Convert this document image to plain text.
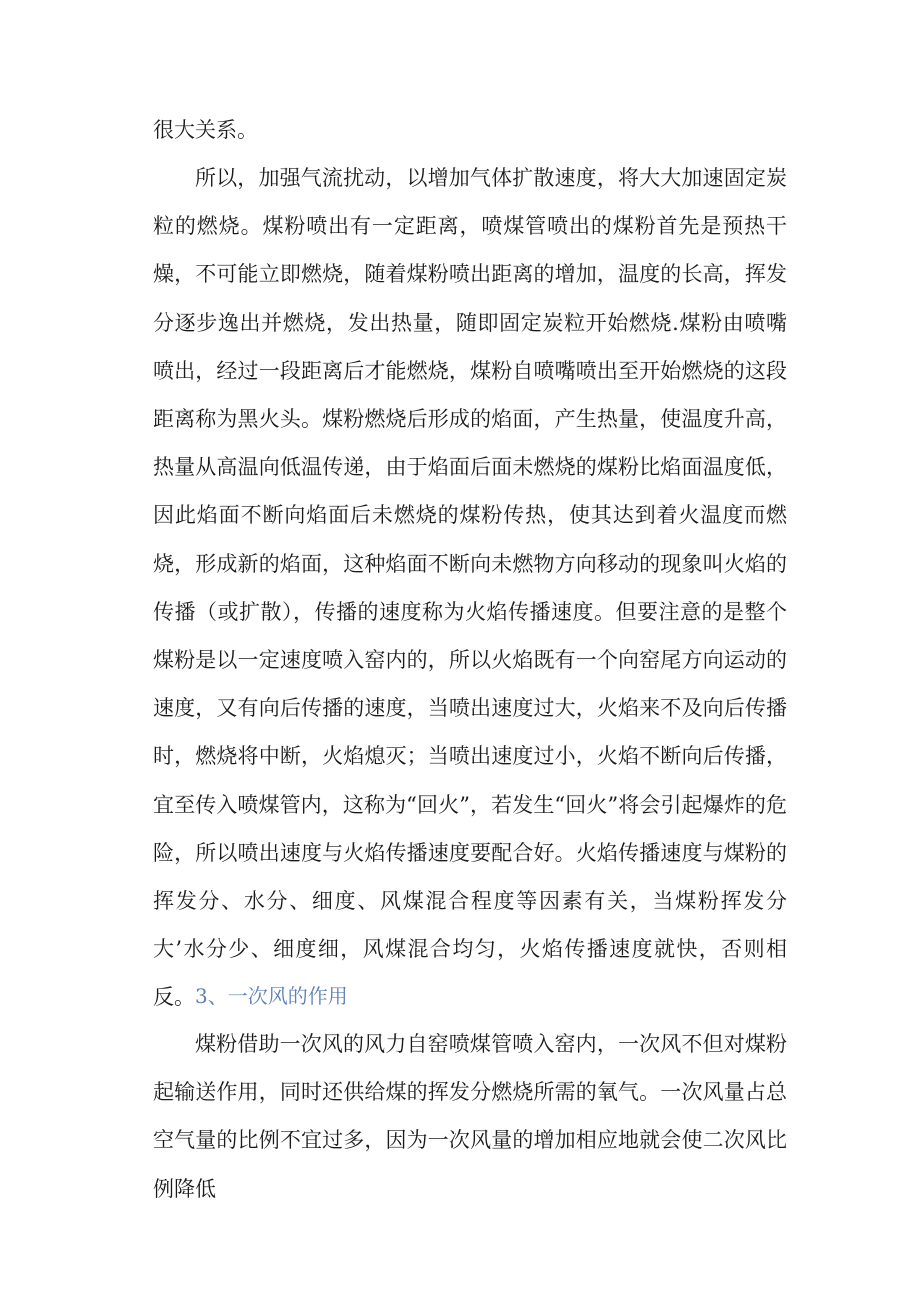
很大关系。

所以，加强气流扰动，以增加气体扩散速度，将大大加速固定炭粒的燃烧。煤粉喷出有一定距离，喷煤管喷出的煤粉首先是预热干燥，不可能立即燃烧，随着煤粉喷出距离的增加，温度的长高，挥发分逐步逸出并燃烧，发出热量，随即固定炭粒开始燃烧.煤粉由喷嘴喷出，经过一段距离后才能燃烧，煤粉自喷嘴喷出至开始燃烧的这段距离称为黑火头。煤粉燃烧后形成的焰面，产生热量，使温度升高，热量从高温向低温传递，由于焰面后面未燃烧的煤粉比焰面温度低，因此焰面不断向焰面后未燃烧的煤粉传热，使其达到着火温度而燃烧，形成新的焰面，这种焰面不断向未燃物方向移动的现象叫火焰的传播（或扩散），传播的速度称为火焰传播速度。但要注意的是整个煤粉是以一定速度喷入窑内的，所以火焰既有一个向窑尾方向运动的速度，又有向后传播的速度，当喷出速度过大，火焰来不及向后传播时，燃烧将中断，火焰熄灭；当喷出速度过小，火焰不断向后传播，宜至传入喷煤管内，这称为“回火”，若发生“回火”将会引起爆炸的危险，所以喷出速度与火焰传播速度要配合好。火焰传播速度与煤粉的挥发分、水分、细度、风煤混合程度等因素有关，当煤粉挥发分大’水分少、细度细，风煤混合均匀，火焰传播速度就快，否则相反。 3、一次风的作用

煤粉借助一次风的风力自窑喷煤管喷入窑内，一次风不但对煤粉起输送作用，同时还供给煤的挥发分燃烧所需的氧气。一次风量占总空气量的比例不宜过多，因为一次风量的增加相应地就会使二次风比例降低
